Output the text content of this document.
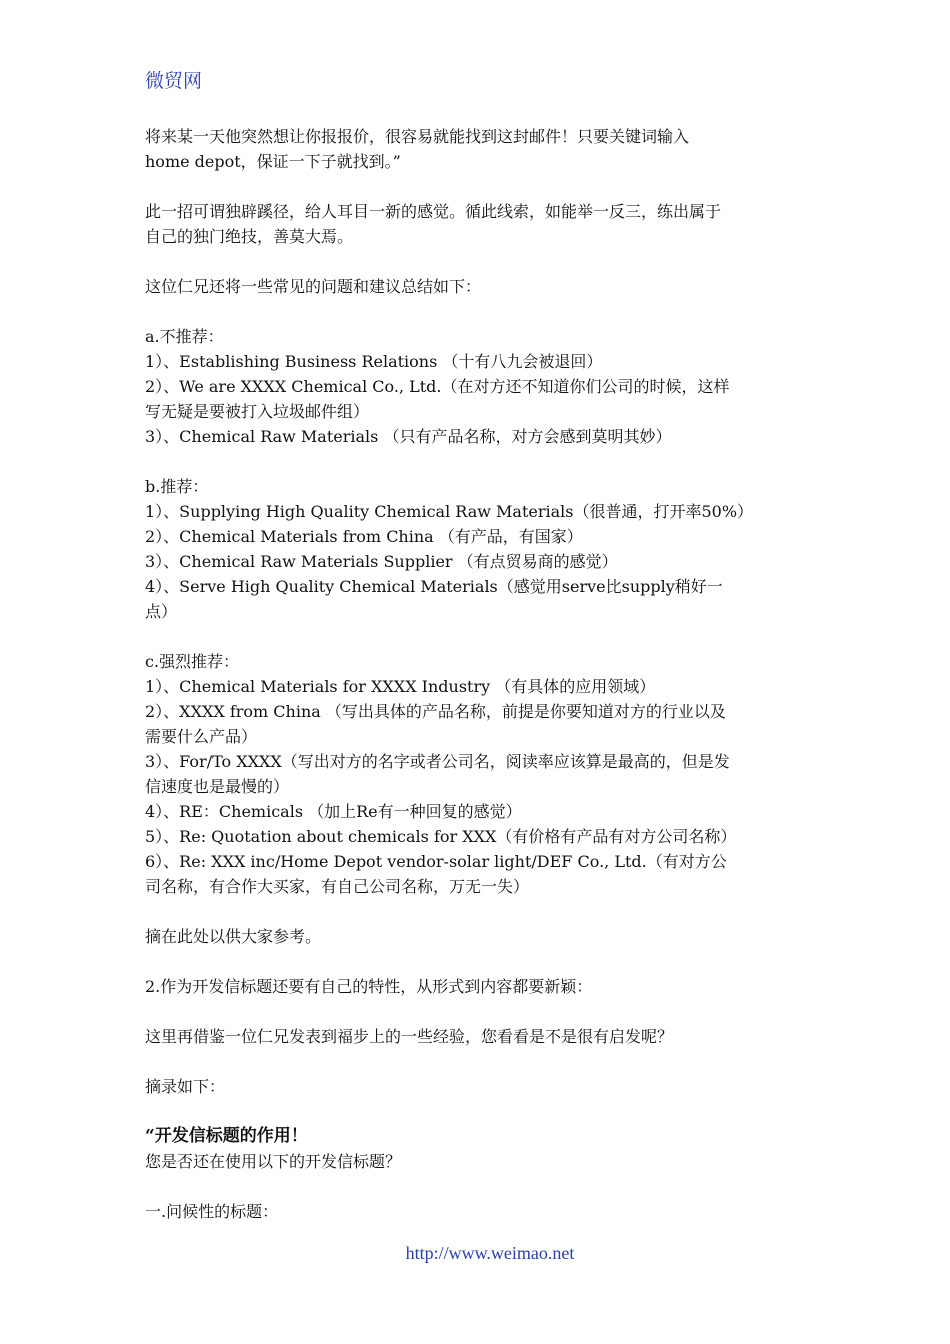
微贸网
将来某一天他突然想让你报报价，很容易就能找到这封邮件！只要关键词输入
home depot，保证一下子就找到。”
此一招可谓独辟蹊径，给人耳目一新的感觉。循此线索，如能举一反三，练出属于
自己的独门绝技，善莫大焉。
这位仁兄还将一些常见的问题和建议总结如下：
a.不推荐：
1）、Establishing Business Relations （十有八九会被退回）
2）、We are XXXX Chemical Co., Ltd.（在对方还不知道你们公司的时候，这样
写无疑是要被打入垃圾邮件组）
3）、Chemical Raw Materials （只有产品名称，对方会感到莫明其妙）
b.推荐：
1）、Supplying High Quality Chemical Raw Materials（很普通，打开率50%）
2）、Chemical Materials from China （有产品，有国家）
3）、Chemical Raw Materials Supplier （有点贸易商的感觉）
4）、Serve High Quality Chemical Materials（感觉用serve比supply稍好一
点）
c.强烈推荐：
1）、Chemical Materials for XXXX Industry （有具体的应用领域）
2）、XXXX from China （写出具体的产品名称，前提是你要知道对方的行业以及
需要什么产品）
3）、For/To XXXX（写出对方的名字或者公司名，阅读率应该算是最高的，但是发
信速度也是最慢的）
4）、RE：Chemicals （加上Re有一种回复的感觉）
5）、Re: Quotation about chemicals for XXX（有价格有产品有对方公司名称）
6）、Re: XXX inc/Home Depot vendor-solar light/DEF Co., Ltd.（有对方公
司名称，有合作大买家，有自己公司名称，万无一失）
摘在此处以供大家参考。
2.作为开发信标题还要有自己的特性，从形式到内容都要新颖：
这里再借鉴一位仁兄发表到福步上的一些经验，您看看是不是很有启发呢？
摘录如下：
“开发信标题的作用！
您是否还在使用以下的开发信标题？
一.问候性的标题：
http://www.weimao.net
